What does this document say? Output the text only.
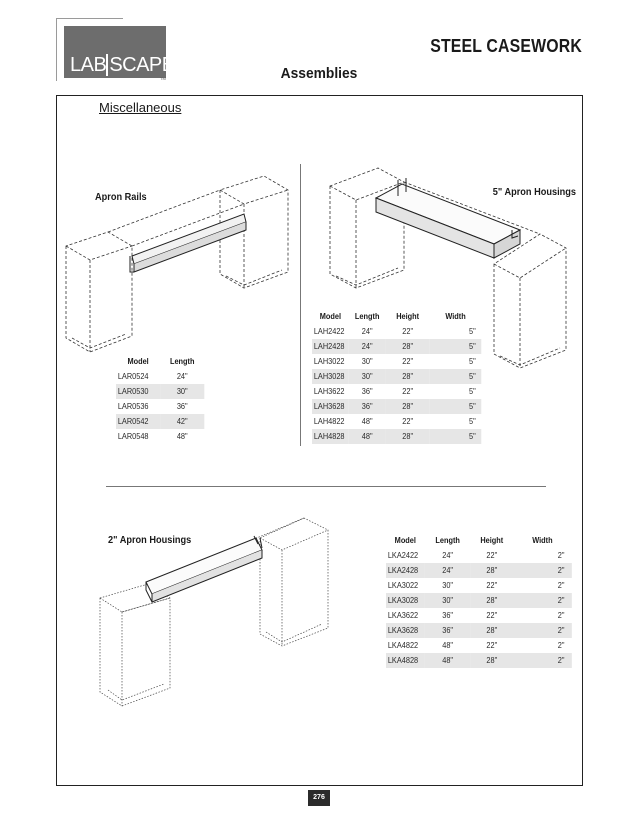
LAB SCAPE
TM
STEEL CASEWORK
Assemblies
Miscellaneous
Apron Rails	5" Apron Housings
2" Apron Housings
Model	Length
LAR0524	24"
LAR0530	30"
LAR0536	36"
LAR0542	42"
LAR0548	48"
Model	Length	Height	Width
LAH2422	24"	22"	5"
LAH2428	24"	28"	5"
LAH3022	30"	22"	5"
LAH3028	30"	28"	5"
LAH3622	36"	22"	5"
LAH3628	36"	28"	5"
LAH4822	48"	22"	5"
LAH4828	48"	28"	5"
Model	Length	Height	Width
LKA2422	24"	22"	2"
LKA2428	24"	28"	2"
LKA3022	30"	22"	2"
LKA3028	30"	28"	2"
LKA3622	36"	22"	2"
LKA3628	36"	28"	2"
LKA4822	48"	22"	2"
LKA4828	48"	28"	2"
276
